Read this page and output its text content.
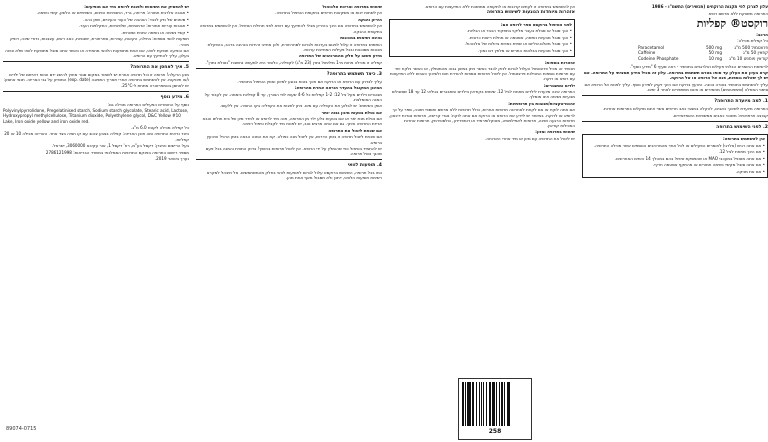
עלון לצרכן לפי תקנות הרוקחים (תכשירים) התשמ"ו - 1986

התרופה משווקת ללא מרשם רופא

רוקסט® קפליות

הרכב:

כל קפלית מכילה:

Paracetamol	500 mg	פרצטמול 500 מ"ג
Caffeine	50 mg	קפאין 50 מ"ג
Codeine Phosphate	10 mg קודאין פוספט 10 מ"ג

לרשימת החומרים הבלתי פעילים ואלרגניים בתכשיר - ראה סעיף 6 "מידע נוסף".

קרא בעיון את העלון עד סופו בטרם תשתמש בתרופה. עלון זה מכיל מידע תמציתי על התרופה. אם יש לך שאלות נוספות, פנה אל הרופא או אל הרוקח.

עליך להשתמש בתכשיר בצורה נכונה. היוועץ ברוקח אם הינך זקוק למידע נוסף. עליך לפנות אל הרופא אם סימני המחלה (סימפטומים) מחמירים או אינם משתפרים לאחר 3 ימים.

1. למה מיועדת התרופה?

התרופה מיועדת לשיכוך כאבים, להקלה במצבי כאב חריפים אשר אינם מוקלים בתרופות אחרות.

קבוצה תרפויטית: משככי כאבים ממשפחת האופיואידים.

2. לפני השימוש בתרופה

אין להשתמש בתרופה:

• אם אתה רגיש (אלרגי) לחומרים הפעילים או לכל אחד מהמרכיבים הנוספים אשר מכילה התרופה.

• אם הינך מתחת לגיל 12.

• אם אתה מטופל במעכבי MAO או שהפסקת טיפול בהם במהלך 14 הימים האחרונים.

• אם אתה סובל מקשיי נשימה חמורים או מהתקף אסטמה חריף.

• אם את מניקה.

אין להשתמש בתרופה זו לעתים קרובות או לתקופה ממושכת ללא התייעצות עם הרופא.

אזהרות מיוחדות הנוגעות לשימוש בתרופה

לפני הטיפול ברוקסט ספר לרופא אם:

• הנך סובל או סבלת בעבר מליקוי בתפקוד הכבד או הכליות.

• הנך סובל מבעיות נשימה, אסטמה או מחלת ריאות כרונית.

• הנך סובל מאלכוהוליזם או שתית כמויות גדולות של אלכוהול.

• הנך סובל מבעיות בבלוטת התריס או מלחץ דם נמוך.

אזהרות נוספות:

תכשיר זה מכיל פרצטמול העלול לגרום לנזק לכבד כאשר ניתן במינון גבוה מהמומלץ, או כאשר נלקח יחד עם תרופות נוספות המכילות פרצטמול. אין ליטול תרופות נוספות להורדת חום ולשיכוך כאבים ללא התייעצות עם רופא או רוקח.

ילדים ומתבגרים:

התרופה אינה מיועדת לילדים מתחת לגיל 12. שימוש בקודאין בילדים ומתבגרים בגילאי 12 עד 18 שסובלים מבעיות נשימה אינו מומלץ.

אינטראקציות/תגובות בין תרופתיות:

אם אתה לוקח או אם לקחת לאחרונה תרופות אחרות, כולל תרופות ללא מרשם ותוספי תזונה, ספר על כך לרופא או לרוקח. במיוחד יש ליידע את הרופא או הרוקח אם אתה לוקח: נוגדי קרישה, תרופות נוגדות דיכאון, תרופות הרגעה ושינה, תרופות לאפילפסיה, מטוקלופרמיד או דומפרידון, כולסטירמין, תרופות אחרות המכילות קודאין.

שימוש בתרופה ומזון:

יש ליטול את התרופה עם מזון או מיד אחרי הארוחה.

שימוש בתרופה וצריכת אלכוהול

אין לשתות יינות או משקאות חריפים בתקופת הטיפול בתרופה.

היריון והנקה

אין להשתמש בתרופה אם הינך בהיריון מבלי להתייעץ עם רופא לפני תחילת הטיפול. אין להשתמש בתרופה בתקופת ההנקה.

נהיגה ושימוש במכונות

השימוש בתרופה זו עלול לפגום בערנות ולגרום לסחרחורת, ולכן מחייב זהירות בנהיגה ברכב, בהפעלת מכונות מסוכנות ובכל פעילות המחייבת ערנות.

מידע חשוב על חלק מהמרכיבים של התרופה

קפליה זו מכילה פחות מ-1 מילימול נתרן (23 מ"ג) לקפליה, כלומר היא למעשה נחשבת "נטולת נתרן".

3. כיצד תשתמש בתרופה?

עליך לבדוק עם הרופא או הרוקח אם אינך בטוח בנוגע למינון ואופן הטיפול בתכשיר.

המינון המקובל בהעדר הוראה אחרת מהרופא:

מבוגרים וילדים מעל גיל 12: 1-2 קפליות כל 4-6 שעות לפי הצורך, עד 8 קפליות ביממה. אין לעבור על המנה המומלצת.

אופן השימוש: יש לבלוע את הקפליה עם מים. ניתן לחצות את הקפליה בקו החציה. אין ללעוס.

אם נטלת בטעות מינון גבוה יותר

אם נטלת מנת יתר או אם בטעות בלע ילד מן התרופה, פנה מיד לרופא או לחדר מיון של בית חולים והבא אריזת התרופה איתך. גם אם אתה מרגיש טוב, יש לפנות מיד לקבלת טיפול רפואי.

אם שכחת ליטול את התרופה

אם שכחת ליטול תרופה זו בזמן הדרוש, אין ליטול מנה כפולה. קח את המנה הבאה בזמן הרגיל והיוועץ ברופא.

יש להתמיד בטיפול כפי שהומלץ על ידי הרופא. אין ליטול תרופות בחושך! בדוק התווית והמנה בכל פעם שהנך נוטל תרופה.

4. תופעות לוואי

כמו בכל תרופה, השימוש ברוקסט עלול לגרום לתופעות לוואי בחלק מהמשתמשים. אל תיבהל למקרא רשימת תופעות הלוואי, ייתכן ולא תסבול מאף אחת מהן.

יש להפסיק את השימוש ולפנות לרופא מיד אם מופיעים:

• תגובה אלרגית חמורה: פריחה, גרד, התנפחות הפנים, השפתיים או הלשון, קשיי נשימה.

• סימנים של נזק לכבד: הצהבה של העור והעיניים, שתן כהה.

• תגובות עוריות חמורות: אדמומיות, שלפוחיות, התקלפות העור.

• קשיי נשימה או נשימה איטית ושטחית.

תופעות לוואי נוספות: בחילה, הקאות, עצירות, סחרחורת, ישנוניות, כאב ראש, עצבנות, נדודי שינה, דופק מהיר.

אם הופיעה תופעת לוואי, אם אחת מתופעות הלוואי מחמירה או כאשר אתה סובל מתופעת לוואי שלא צוינה בעלון, עליך להתייעץ עם הרופא.

5. איך לאחסן את התרופה?

מנע הרעלה! תרופה זו וכל תרופה אחרת יש לשמור במקום סגור מחוץ להישג ידם וטווח ראייתם של ילדים ו/או תינוקות. אין להשתמש בתרופה אחרי תאריך התפוגה (exp. date) המופיע על גבי האריזה. תנאי אחסון: יש לאחסן בטמפרטורה מתחת ל-25°C.

6. מידע נוסף

נוסף על החומרים הפעילים התרופה מכילה גם:

Polyvinylpyrrolidone, Pregelatinised starch, Sodium starch glycolate, Stearic acid, Lactose, Hydroxypropyl methylcellulose, Titanium dioxide, Polyethylene glycol, D&C Yellow #10 Lake, Iron oxide yellow and iron oxide red.

כל קפליה מכילה לקטוז 6.0 מ"ג.

כיצד נראית התרופה ומה תוכן האריזה: קפליה בצבע צהוב עם קו חציה בצד אחד. האריזה מכילה 10 או 20 קפליות.

בעל הרישום והיצרן: דקסל בע"מ, רח' דקסל 1, אור עקיבא 3060000, ישראל.

מספר רישום התרופה בפנקס התרופות הממלכתי במשרד הבריאות: 2786121998

נערך בינואר 2019.

89074-0715	258
